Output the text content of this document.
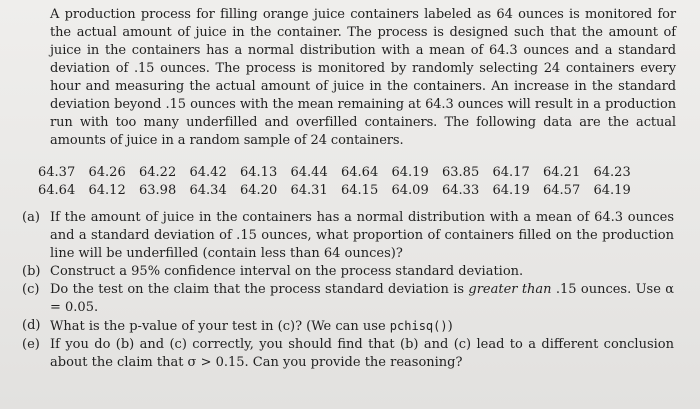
A production process for filling orange juice containers labeled as 64 ounces is monitored for the actual amount of juice in the container. The process is designed such that the amount of juice in the containers has a normal distribution with a mean of 64.3 ounces and a standard deviation of .15 ounces. The process is monitored by randomly selecting 24 containers every hour and measuring the actual amount of juice in the containers. An increase in the standard deviation beyond .15 ounces with the mean remaining at 64.3 ounces will result in a production run with too many underfilled and overfilled containers. The following data are the actual amounts of juice in a random sample of 24 containers.

64.37	64.26	64.22	64.42	64.13	64.44	64.64	64.19	63.85	64.17	64.21	64.23
64.64	64.12	63.98	64.34	64.20	64.31	64.15	64.09	64.33	64.19	64.57	64.19
(a) If the amount of juice in the containers has a normal distribution with a mean of 64.3 ounces and a standard deviation of .15 ounces, what proportion of containers filled on the production line will be underfilled (contain less than 64 ounces)?
(b) Construct a 95% confidence interval on the process standard deviation.
(c) Do the test on the claim that the process standard deviation is greater than .15 ounces. Use α = 0.05.
(d) What is the p-value of your test in (c)? (We can use pchisq())
(e) If you do (b) and (c) correctly, you should find that (b) and (c) lead to a different conclusion about the claim that σ > 0.15. Can you provide the reasoning?
